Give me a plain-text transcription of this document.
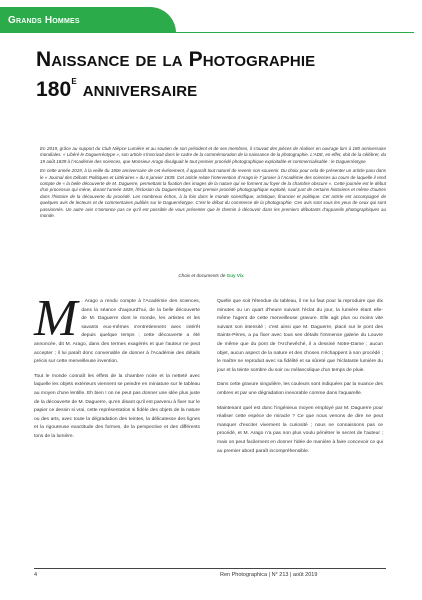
Grands Hommes
Naissance de la Photographie
180e anniversaire

En 2019, grâce au support du Club Nièpce Lumière et au soutien de son président et de ses membres, il s'ouvait des pièces de réaliser en ouvrage lors à 180 anniversaire mondiales. « Libéré le Daguerréotype », son article s'inscrivait dans le cadre de la commémoration de la naissance de la photographie. L'ADE, en effet, doit de la célébrer, du 19 août 1839 à l'Académie des sciences, que Monsieur Arago divulguait le tout premier procédé photographique exploitable et commercialisable : le Daguerréotype.

En cette année 2019, à la veille du 180e anniversaire de cet événement, il apparaît tout naturel de revenir son souvenir. Du choix pour cela de présenter un article paru dans le « Journal des Débats Politiques et Littéraires » du 6 janvier 1839. Cet article relate l'intervention d'Arago le 7 janvier à l'Académie des sciences au cours de laquelle il rend compte de « la belle découverte de M. Daguerre, permettant la fixation des images de la nature qui se forment au foyer de la chambre obscure ». Cette journée est le début d'un processus qui mène, durant l'année 1839, l'éclosion du Daguerréotype, tout premier procédé photographique exploité, sauf part de certains historiens et même d'autres dans l'histoire de la découverte du procédé. Les nombreux échos, à la fois dans le monde scientifique, artistique, financier et politique. Cet article est accompagné de quelques avis de lecteurs et de commentaires publiés sur le Daguerréotype. C'est le début du commerce de la photographie. Ces avis sont sous les yeux de ceux qui sont passionnés. Un autre avis n'annonce pas ce qu'il est possible de vous présenter que le chemin à découvrir dans les premiers débutants d'appareils photographiques au monde.

Choix et documents de Guy Vix

M . Arago a rendu compte à l'Académie des sciences, dans la séance d'aujourd'hui, de la belle découverte de M. Daguerre dont le monde, les artistes et les savants eux-mêmes s'entretiennent avec intérêt depuis quelque temps ; cette découverte a été annoncée, dit M. Arago, dans des termes exagérés et que l'auteur ne peut accepter ; il lui paraît donc convenable de donner à l'Académie des détails précis sur cette merveilleuse invention.

Tout le monde connaît les effets de la chambre noire et la netteté avec laquelle les objets extérieurs viennent se peindre en miniature sur le tableau au moyen d'une lentille. Eh bien ! on ne peut pas donner une idée plus juste de la découverte de M. Daguerre, qu'en disant qu'il est parvenu à fixer sur le papier ce dessin si vrai, cette représentation si fidèle des objets de la nature ou des arts, avec toute la dégradation des teintes, la délicatesse des lignes et la rigoureuse exactitude des formes, de la perspective et des différents tons de la lumière.

Quelle que soit l'étendue du tableau, il ne lui faut pour la reproduire que dix minutes ou un quart d'heure suivant l'éclat du jour, la lumière étant elle-même l'agent de cette merveilleuse gravure. Elle agit plus ou moins vite suivant son intensité ; c'est ainsi que M. Daguerre, placé sur le pont des Saints-Pères, a pu fixer avec tous ses détails l'immense galerie du Louvre de même que du pont de l'Archevêché, il a dessiné Notre-Dame ; aucun objet, aucun aspect de la nature et des choses n'échappent à son procédé ; le maître ne reproduit avec sa fidélité et sa sûreté que l'éclatante lumière du jour et la teinte sombre du soir ou mélancolique d'un temps de pluie.

Dans cette gravure singulière, les couleurs sont indiquées par la nuance des ombres et par une dégradation inexorable comme dans l'aquarelle.

Maintenant quel est donc l'ingénieux moyen employé par M. Daguerre pour réaliser cette espèce de miracle ? Ce que nous venons de dire ne peut manquer d'exciter vivement la curiosité ; nous ne connaissons pas ce procédé, et M. Arago n'a pas non plus voulu pénétrer le secret de l'auteur ; mais on peut facilement en donner l'idée de manière à faire concevoir ce qui au premier abord paraît incompréhensible.

4	Ren Photographica | N° 213 | août 2019
